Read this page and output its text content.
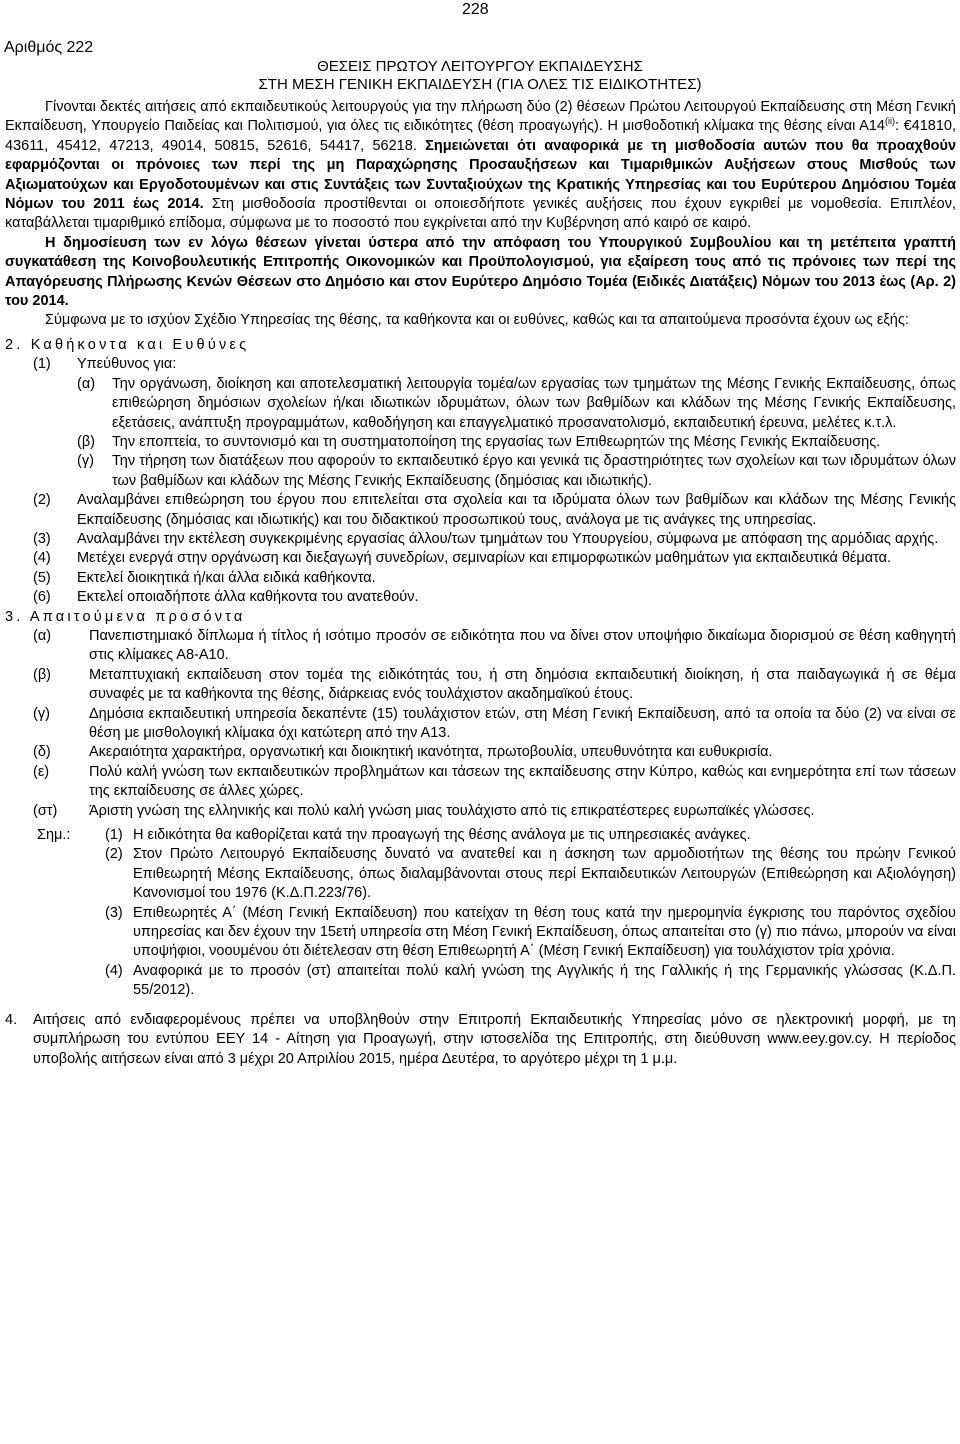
228
Αριθμός 222
ΘΕΣΕΙΣ ΠΡΩΤΟΥ ΛΕΙΤΟΥΡΓΟΥ ΕΚΠΑΙΔΕΥΣΗΣ
ΣΤΗ ΜΕΣΗ ΓΕΝΙΚΗ ΕΚΠΑΙΔΕΥΣΗ (ΓΙΑ ΟΛΕΣ ΤΙΣ ΕΙΔΙΚΟΤΗΤΕΣ)

Γίνονται δεκτές αιτήσεις από εκπαιδευτικούς λειτουργούς για την πλήρωση δύο (2) θέσεων Πρώτου Λειτουργού Εκπαίδευσης στη Μέση Γενική Εκπαίδευση, Υπουργείο Παιδείας και Πολιτισμού, για όλες τις ειδικότητες (θέση προαγωγής). Η μισθοδοτική κλίμακα της θέσης είναι Α14$^{(ii)}$: €41810, 43611, 45412, 47213, 49014, 50815, 52616, 54417, 56218. Σημειώνεται ότι αναφορικά με τη μισθοδοσία αυτών που θα προαχθούν εφαρμόζονται οι πρόνοιες των περί της μη Παραχώρησης Προσαυξήσεων και Τιμαριθμικών Αυξήσεων στους Μισθούς των Αξιωματούχων και Εργοδοτουμένων και στις Συντάξεις των Συνταξιούχων της Κρατικής Υπηρεσίας και του Ευρύτερου Δημόσιου Τομέα Νόμων του 2011 έως 2014. Στη μισθοδοσία προστίθενται οι οποιεσδήποτε γενικές αυξήσεις που έχουν εγκριθεί με νομοθεσία. Επιπλέον, καταβάλλεται τιμαριθμικό επίδομα, σύμφωνα με το ποσοστό που εγκρίνεται από την Κυβέρνηση από καιρό σε καιρό.

Η δημοσίευση των εν λόγω θέσεων γίνεται ύστερα από την απόφαση του Υπουργικού Συμβουλίου και τη μετέπειτα γραπτή συγκατάθεση της Κοινοβουλευτικής Επιτροπής Οικονομικών και Προϋπολογισμού, για εξαίρεση τους από τις πρόνοιες των περί της Απαγόρευσης Πλήρωσης Κενών Θέσεων στο Δημόσιο και στον Ευρύτερο Δημόσιο Τομέα (Ειδικές Διατάξεις) Νόμων του 2013 έως (Αρ. 2) του 2014.

Σύμφωνα με το ισχύον Σχέδιο Υπηρεσίας της θέσης, τα καθήκοντα και οι ευθύνες, καθώς και τα απαιτούμενα προσόντα έχουν ως εξής:

2. Καθήκοντα και Ευθύνες
(1)	Υπεύθυνος για:
(α)	Την οργάνωση, διοίκηση και αποτελεσματική λειτουργία τομέα/ων εργασίας των τμημάτων της Μέσης Γενικής Εκπαίδευσης, όπως επιθεώρηση δημόσιων σχολείων ή/και ιδιωτικών ιδρυμάτων, όλων των βαθμίδων και κλάδων της Μέσης Γενικής Εκπαίδευσης, εξετάσεις, ανάπτυξη προγραμμάτων, καθοδήγηση και επαγγελματικό προσανατολισμό, εκπαιδευτική έρευνα, μελέτες κ.τ.λ.
(β)	Την εποπτεία, το συντονισμό και τη συστηματοποίηση της εργασίας των Επιθεωρητών της Μέσης Γενικής Εκπαίδευσης.
(γ)	Την τήρηση των διατάξεων που αφορούν το εκπαιδευτικό έργο και γενικά τις δραστηριότητες των σχολείων και των ιδρυμάτων όλων των βαθμίδων και κλάδων της Μέσης Γενικής Εκπαίδευσης (δημόσιας και ιδιωτικής).
(2)	Αναλαμβάνει επιθεώρηση του έργου που επιτελείται στα σχολεία και τα ιδρύματα όλων των βαθμίδων και κλάδων της Μέσης Γενικής Εκπαίδευσης (δημόσιας και ιδιωτικής) και του διδακτικού προσωπικού τους, ανάλογα με τις ανάγκες της υπηρεσίας.
(3)	Αναλαμβάνει την εκτέλεση συγκεκριμένης εργασίας άλλου/των τμημάτων του Υπουργείου, σύμφωνα με απόφαση της αρμόδιας αρχής.
(4)	Μετέχει ενεργά στην οργάνωση και διεξαγωγή συνεδρίων, σεμιναρίων και επιμορφωτικών μαθημάτων για εκπαιδευτικά θέματα.
(5)	Εκτελεί διοικητικά ή/και άλλα ειδικά καθήκοντα.
(6)	Εκτελεί οποιαδήποτε άλλα καθήκοντα του ανατεθούν.
3. Απαιτούμενα προσόντα
(α)	Πανεπιστημιακό δίπλωμα ή τίτλος ή ισότιμο προσόν σε ειδικότητα που να δίνει στον υποψήφιο δικαίωμα διορισμού σε θέση καθηγητή στις κλίμακες Α8-Α10.
(β)	Μεταπτυχιακή εκπαίδευση στον τομέα της ειδικότητάς του, ή στη δημόσια εκπαιδευτική διοίκηση, ή στα παιδαγωγικά ή σε θέμα συναφές με τα καθήκοντα της θέσης, διάρκειας ενός τουλάχιστον ακαδημαϊκού έτους.
(γ)	Δημόσια εκπαιδευτική υπηρεσία δεκαπέντε (15) τουλάχιστον ετών, στη Μέση Γενική Εκπαίδευση, από τα οποία τα δύο (2) να είναι σε θέση με μισθολογική κλίμακα όχι κατώτερη από την Α13.
(δ)	Ακεραιότητα χαρακτήρα, οργανωτική και διοικητική ικανότητα, πρωτοβουλία, υπευθυνότητα και ευθυκρισία.
(ε)	Πολύ καλή γνώση των εκπαιδευτικών προβλημάτων και τάσεων της εκπαίδευσης στην Κύπρο, καθώς και ενημερότητα επί των τάσεων της εκπαίδευσης σε άλλες χώρες.
(στ)	Άριστη γνώση της ελληνικής και πολύ καλή γνώση μιας τουλάχιστο από τις επικρατέστερες ευρωπαϊκές γλώσσες.
Σημ.:	(1) Η ειδικότητα θα καθορίζεται κατά την προαγωγή της θέσης ανάλογα με τις υπηρεσιακές ανάγκες.
(2) Στον Πρώτο Λειτουργό Εκπαίδευσης δυνατό να ανατεθεί και η άσκηση των αρμοδιοτήτων της θέσης του πρώην Γενικού Επιθεωρητή Μέσης Εκπαίδευσης, όπως διαλαμβάνονται στους περί Εκπαιδευτικών Λειτουργών (Επιθεώρηση και Αξιολόγηση) Κανονισμοί του 1976 (Κ.Δ.Π.223/76).
(3) Επιθεωρητές Α΄ (Μέση Γενική Εκπαίδευση) που κατείχαν τη θέση τους κατά την ημερομηνία έγκρισης του παρόντος σχεδίου υπηρεσίας και δεν έχουν την 15ετή υπηρεσία στη Μέση Γενική Εκπαίδευση, όπως απαιτείται στο (γ) πιο πάνω, μπορούν να είναι υποψήφιοι, νοουμένου ότι διέτελεσαν στη θέση Επιθεωρητή Α΄ (Μέση Γενική Εκπαίδευση) για τουλάχιστον τρία χρόνια.
(4) Αναφορικά με το προσόν (στ) απαιτείται πολύ καλή γνώση της Αγγλικής ή της Γαλλικής ή της Γερμανικής γλώσσας (Κ.Δ.Π. 55/2012).
4.	Αιτήσεις από ενδιαφερομένους πρέπει να υποβληθούν στην Επιτροπή Εκπαιδευτικής Υπηρεσίας μόνο σε ηλεκτρονική μορφή, με τη συμπλήρωση του εντύπου ΕΕΥ 14 - Αίτηση για Προαγωγή, στην ιστοσελίδα της Επιτροπής, στη διεύθυνση www.eey.gov.cy. Η περίοδος υποβολής αιτήσεων είναι από 3 μέχρι 20 Απριλίου 2015, ημέρα Δευτέρα, το αργότερο μέχρι τη 1 μ.μ.
